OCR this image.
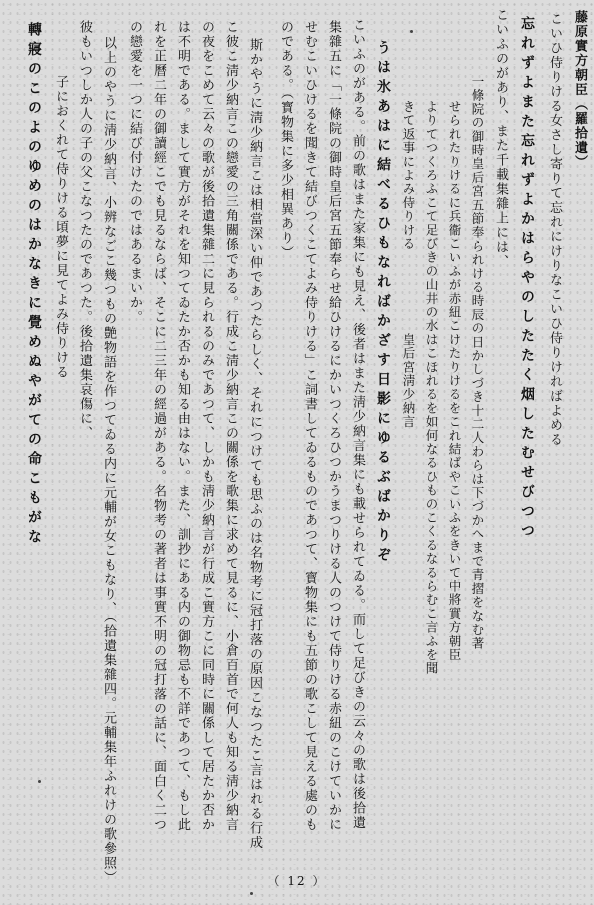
藤原實方朝臣（羅拾遺）
こいひ侍りける女さし寄りて忘れにけりなこいひ侍りければよめる
忘れずよまた忘れずよかはらやのしたたく烟したむせびつつ
こいふのがあり、また千載集雜上には、
一條院の御時皇后宮五節奉られける時辰の日かしづき十二人わらは下づかへまで青摺をなむ著
せられたりけるに兵衞こいふが赤紐こけたりけるをこれ結ばやこいふをきいて中將實方朝臣
よりてつくろふこて足びきの山井の水はこほれるを如何なるひものこくるなるらむこ言ふを聞
きて返事によみ侍りける　　　　　　皇后宮淸少納言
うは氷あはに結べるひもなればかざす日影にゆるぶばかりぞ
こいふのがある。前の歌はまた家集にも見え、後者はまた淸少納言集にも載せられてゐる。而して足びきの云々の歌は後拾遺
集雜五に「一條院の御時皇后宮五節奉らせ給ひけるにかいつくろひつかうまつりける人のつけて侍りける赤紐のこけていかに
せむこいひけるを聞きて結びつくこてよみ侍りける」こ詞書してゐるものであつて、寳物集にも五節の歌こして見える處のも
のである。（寳物集に多少相異あり）
斯かやうに淸少納言こは相當深い仲であつたらしく、それにつけても思ふのは名物考に冠打落の原因こなつたこ言はれる行成
こ彼こ淸少納言この戀愛の三角關係である。行成こ淸少納言この關係を歌集に求めて見るに、小倉百首で何人も知る淸少納言
の夜をこめて云々の歌が後拾遺集雜二に見られるのみであつて、しかも淸少納言が行成こ實方こに同時に關係して居たか否か
は不明である。まして實方がそれを知つてゐたか否かも知る由はない。また、訓抄にある内の御物忌も不詳であつて、もし此
れを正曆二年の御讀經こでも見るならば、そこに二三年の經過がある。名物考の著者は事實不明の冠打落の話に、面白く二つ
の戀愛を一つに結び付けたのではあるまいか。
以上のやうに淸少納言、小辨なごこ幾つもの艶物語を作つてゐる内に元輔が女こもなり、（拾遺集雜四。元輔集年ふれけの歌參照）
彼もいつしか人の子の父こなつたのであつた。後拾遺集哀傷に、
子におくれて侍りける頃夢に見てよみ侍りける
轉寢のこのよのゆめのはかなきに覺めぬやがての命こもがな
（ 12 ）
